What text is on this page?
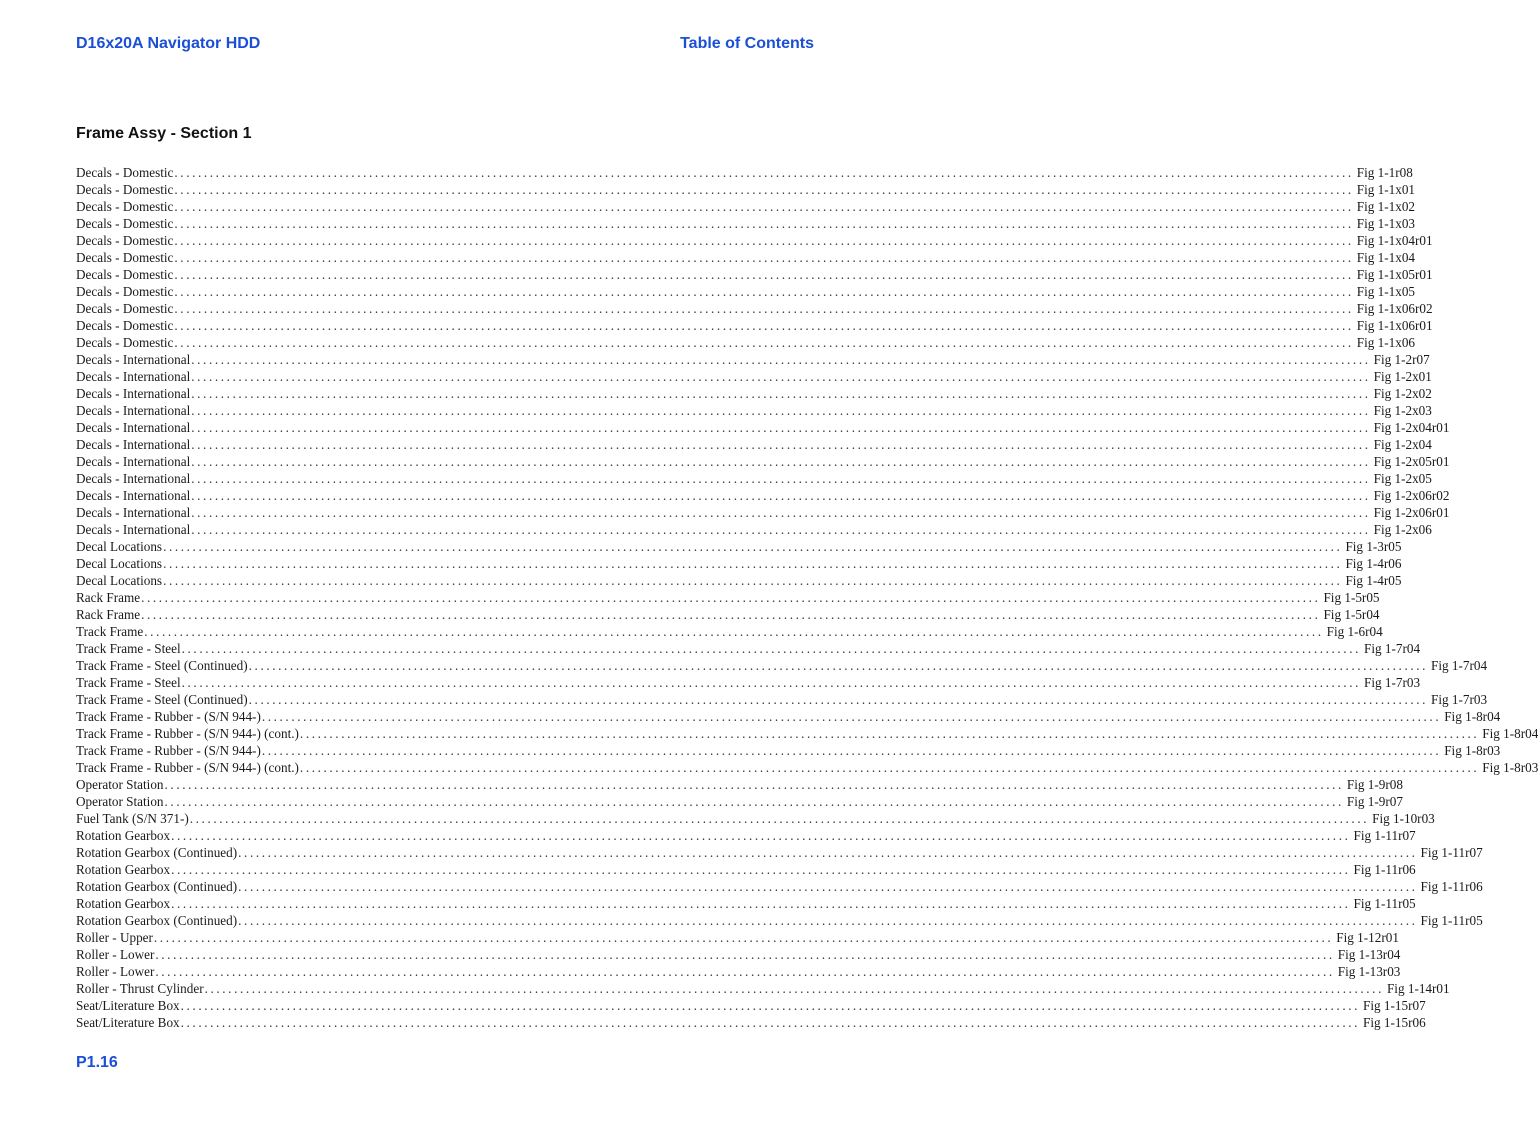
D16x20A Navigator HDD	Table of Contents
Frame Assy - Section 1
Decals - Domestic ........................................................................................................................................................................................................ Fig 1-1r08
Decals - Domestic ........................................................................................................................................................................................................ Fig 1-1x01
Decals - Domestic ........................................................................................................................................................................................................ Fig 1-1x02
Decals - Domestic ........................................................................................................................................................................................................ Fig 1-1x03
Decals - Domestic ........................................................................................................................................................................................................ Fig 1-1x04r01
Decals - Domestic ........................................................................................................................................................................................................ Fig 1-1x04
Decals - Domestic ........................................................................................................................................................................................................ Fig 1-1x05r01
Decals - Domestic ........................................................................................................................................................................................................ Fig 1-1x05
Decals - Domestic ........................................................................................................................................................................................................ Fig 1-1x06r02
Decals - Domestic ........................................................................................................................................................................................................ Fig 1-1x06r01
Decals - Domestic ........................................................................................................................................................................................................ Fig 1-1x06
Decals - International ........................................................................................................................................................................................................ Fig 1-2r07
Decals - International ........................................................................................................................................................................................................ Fig 1-2x01
Decals - International ........................................................................................................................................................................................................ Fig 1-2x02
Decals - International ........................................................................................................................................................................................................ Fig 1-2x03
Decals - International ........................................................................................................................................................................................................ Fig 1-2x04r01
Decals - International ........................................................................................................................................................................................................ Fig 1-2x04
Decals - International ........................................................................................................................................................................................................ Fig 1-2x05r01
Decals - International ........................................................................................................................................................................................................ Fig 1-2x05
Decals - International ........................................................................................................................................................................................................ Fig 1-2x06r02
Decals - International ........................................................................................................................................................................................................ Fig 1-2x06r01
Decals - International ........................................................................................................................................................................................................ Fig 1-2x06
Decal Locations ........................................................................................................................................................................................................ Fig 1-3r05
Decal Locations ........................................................................................................................................................................................................ Fig 1-4r06
Decal Locations ........................................................................................................................................................................................................ Fig 1-4r05
Rack Frame ........................................................................................................................................................................................................ Fig 1-5r05
Rack Frame ........................................................................................................................................................................................................ Fig 1-5r04
Track Frame ........................................................................................................................................................................................................ Fig 1-6r04
Track Frame - Steel ........................................................................................................................................................................................................ Fig 1-7r04
Track Frame - Steel (Continued) ........................................................................................................................................................................................................ Fig 1-7r04
Track Frame - Steel ........................................................................................................................................................................................................ Fig 1-7r03
Track Frame - Steel (Continued) ........................................................................................................................................................................................................ Fig 1-7r03
Track Frame - Rubber - (S/N 944-) ........................................................................................................................................................................................................ Fig 1-8r04
Track Frame - Rubber - (S/N 944-) (cont.) ........................................................................................................................................................................................................ Fig 1-8r04
Track Frame - Rubber - (S/N 944-) ........................................................................................................................................................................................................ Fig 1-8r03
Track Frame - Rubber - (S/N 944-) (cont.) ........................................................................................................................................................................................................ Fig 1-8r03
Operator Station ........................................................................................................................................................................................................ Fig 1-9r08
Operator Station ........................................................................................................................................................................................................ Fig 1-9r07
Fuel Tank (S/N 371-) ........................................................................................................................................................................................................ Fig 1-10r03
Rotation Gearbox ........................................................................................................................................................................................................ Fig 1-11r07
Rotation Gearbox (Continued) ........................................................................................................................................................................................................ Fig 1-11r07
Rotation Gearbox ........................................................................................................................................................................................................ Fig 1-11r06
Rotation Gearbox (Continued) ........................................................................................................................................................................................................ Fig 1-11r06
Rotation Gearbox ........................................................................................................................................................................................................ Fig 1-11r05
Rotation Gearbox (Continued) ........................................................................................................................................................................................................ Fig 1-11r05
Roller - Upper ........................................................................................................................................................................................................ Fig 1-12r01
Roller - Lower ........................................................................................................................................................................................................ Fig 1-13r04
Roller - Lower ........................................................................................................................................................................................................ Fig 1-13r03
Roller - Thrust Cylinder ........................................................................................................................................................................................................ Fig 1-14r01
Seat/Literature Box ........................................................................................................................................................................................................ Fig 1-15r07
Seat/Literature Box ........................................................................................................................................................................................................ Fig 1-15r06
P1.16
